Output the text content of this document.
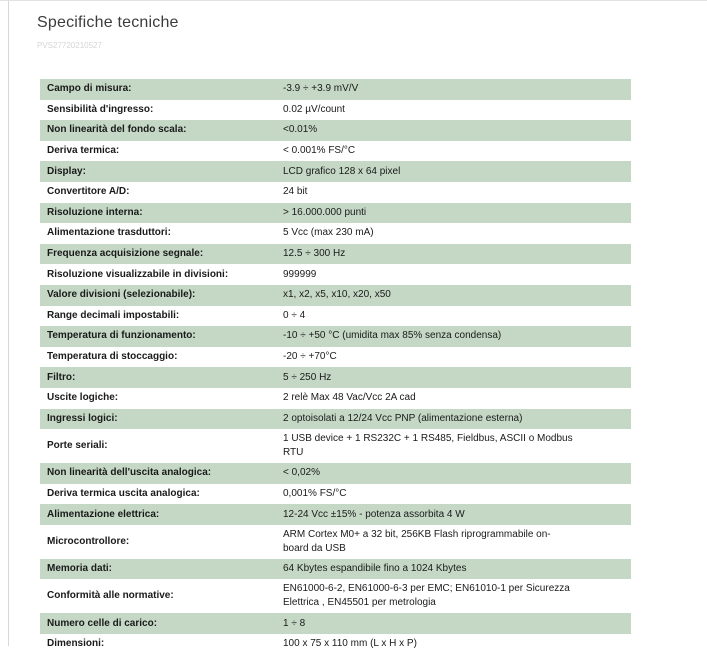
Specifiche tecniche
PVS27720210527
Campo di misura:	-3.9 ÷ +3.9 mV/V
Sensibilità d'ingresso:	0.02 µV/count
Non linearità del fondo scala:	<0.01%
Deriva termica:	< 0.001% FS/°C
Display:	LCD grafico 128 x 64 pixel
Convertitore A/D:	24 bit
Risoluzione interna:	> 16.000.000 punti
Alimentazione trasduttori:	5 Vcc (max 230 mA)
Frequenza acquisizione segnale:	12.5 ÷ 300 Hz
Risoluzione visualizzabile in divisioni:	999999
Valore divisioni (selezionabile):	x1, x2, x5, x10, x20, x50
Range decimali impostabili:	0 ÷ 4
Temperatura di funzionamento:	-10 ÷ +50 °C (umidita max 85% senza condensa)
Temperatura di stoccaggio:	-20 ÷ +70°C
Filtro:	5 ÷ 250 Hz
Uscite logiche:	2 relè Max 48 Vac/Vcc 2A cad
Ingressi logici:	2 optoisolati a 12/24 Vcc PNP (alimentazione esterna)
Porte seriali:
1 USB device + 1 RS232C + 1 RS485, Fieldbus, ASCII o Modbus RTU
Non linearità dell'uscita analogica:	< 0,02%
Deriva termica uscita analogica:	0,001% FS/°C
Alimentazione elettrica:	12-24 Vcc ±15% - potenza assorbita 4 W
Microcontrollore:
ARM Cortex M0+ a 32 bit, 256KB Flash riprogrammabile on-board da USB
Memoria dati:	64 Kbytes espandibile fino a 1024 Kbytes
Conformità alle normative:
EN61000-6-2, EN61000-6-3 per EMC; EN61010-1 per Sicurezza Elettrica , EN45501 per metrologia
Numero celle di carico:	1 ÷ 8
Dimensioni:	100 x 75 x 110 mm (L x H x P)
